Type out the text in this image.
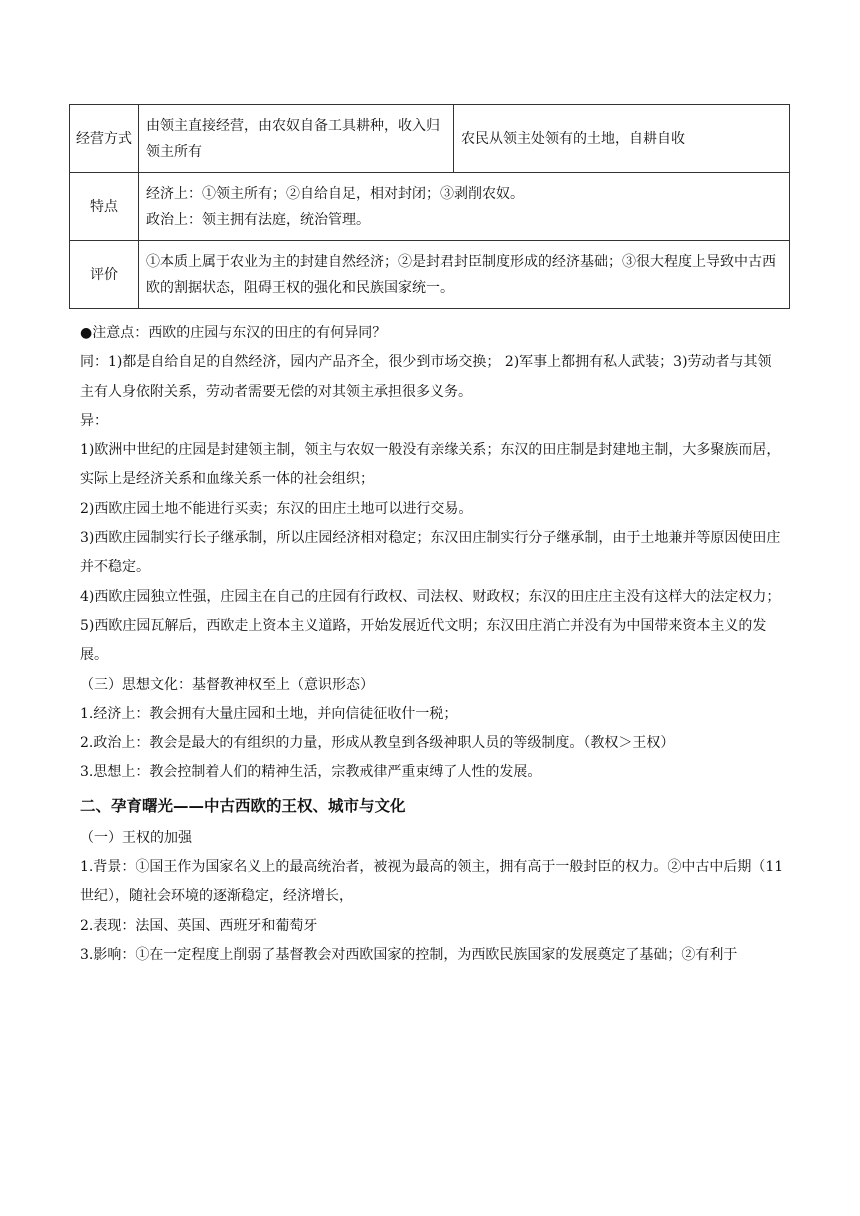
经营方式	由领主直接经营，由农奴自备工具耕种，收入归领主所有	农民从领主处领有的土地，自耕自收
特点	经济上：①领主所有；②自给自足，相对封闭；③剥削农奴。
政治上：领主拥有法庭，统治管理。	

评价	①本质上属于农业为主的封建自然经济；②是封君封臣制度形成的经济基础；③很大程度上导致中古西欧的割据状态，阻碍王权的强化和民族国家统一。	

●注意点：西欧的庄园与东汉的田庄的有何异同？

同：1)都是自给自足的自然经济，园内产品齐全，很少到市场交换； 2)军事上都拥有私人武装；3)劳动者与其领主有人身依附关系，劳动者需要无偿的对其领主承担很多义务。

异：

1)欧洲中世纪的庄园是封建领主制，领主与农奴一般没有亲缘关系；东汉的田庄制是封建地主制，大多聚族而居，实际上是经济关系和血缘关系一体的社会组织；

2)西欧庄园土地不能进行买卖；东汉的田庄土地可以进行交易。

3)西欧庄园制实行长子继承制，所以庄园经济相对稳定；东汉田庄制实行分子继承制，由于土地兼并等原因使田庄并不稳定。

4)西欧庄园独立性强，庄园主在自己的庄园有行政权、司法权、财政权；东汉的田庄庄主没有这样大的法定权力；

5)西欧庄园瓦解后，西欧走上资本主义道路，开始发展近代文明；东汉田庄消亡并没有为中国带来资本主义的发展。

（三）思想文化：基督教神权至上（意识形态）

1.经济上：教会拥有大量庄园和土地，并向信徒征收什一税；

2.政治上：教会是最大的有组织的力量，形成从教皇到各级神职人员的等级制度。（教权＞王权）

3.思想上：教会控制着人们的精神生活，宗教戒律严重束缚了人性的发展。

二、孕育曙光——中古西欧的王权、城市与文化

（一）王权的加强

1.背景：①国王作为国家名义上的最高统治者，被视为最高的领主，拥有高于一般封臣的权力。②中古中后期（11世纪），随社会环境的逐渐稳定，经济增长，

2.表现：法国、英国、西班牙和葡萄牙

3.影响：①在一定程度上削弱了基督教会对西欧国家的控制，为西欧民族国家的发展奠定了基础；②有利于
